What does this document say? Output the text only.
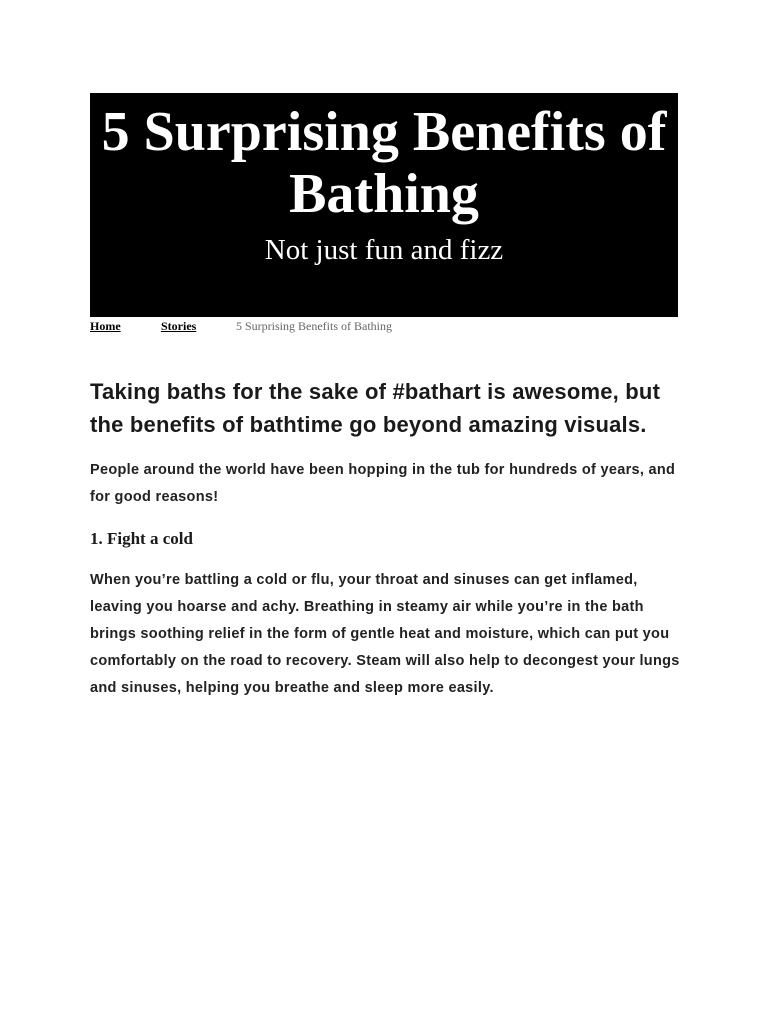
5 Surprising Benefits of Bathing

Not just fun and fizz

Home	Stories	5 Surprising Benefits of Bathing
Taking baths for the sake of #bathart is awesome, but the benefits of bathtime go beyond amazing visuals.

People around the world have been hopping in the tub for hundreds of years, and for good reasons!

1. Fight a cold

When you’re battling a cold or flu, your throat and sinuses can get inflamed, leaving you hoarse and achy. Breathing in steamy air while you’re in the bath brings soothing relief in the form of gentle heat and moisture, which can put you comfortably on the road to recovery. Steam will also help to decongest your lungs and sinuses, helping you breathe and sleep more easily.
